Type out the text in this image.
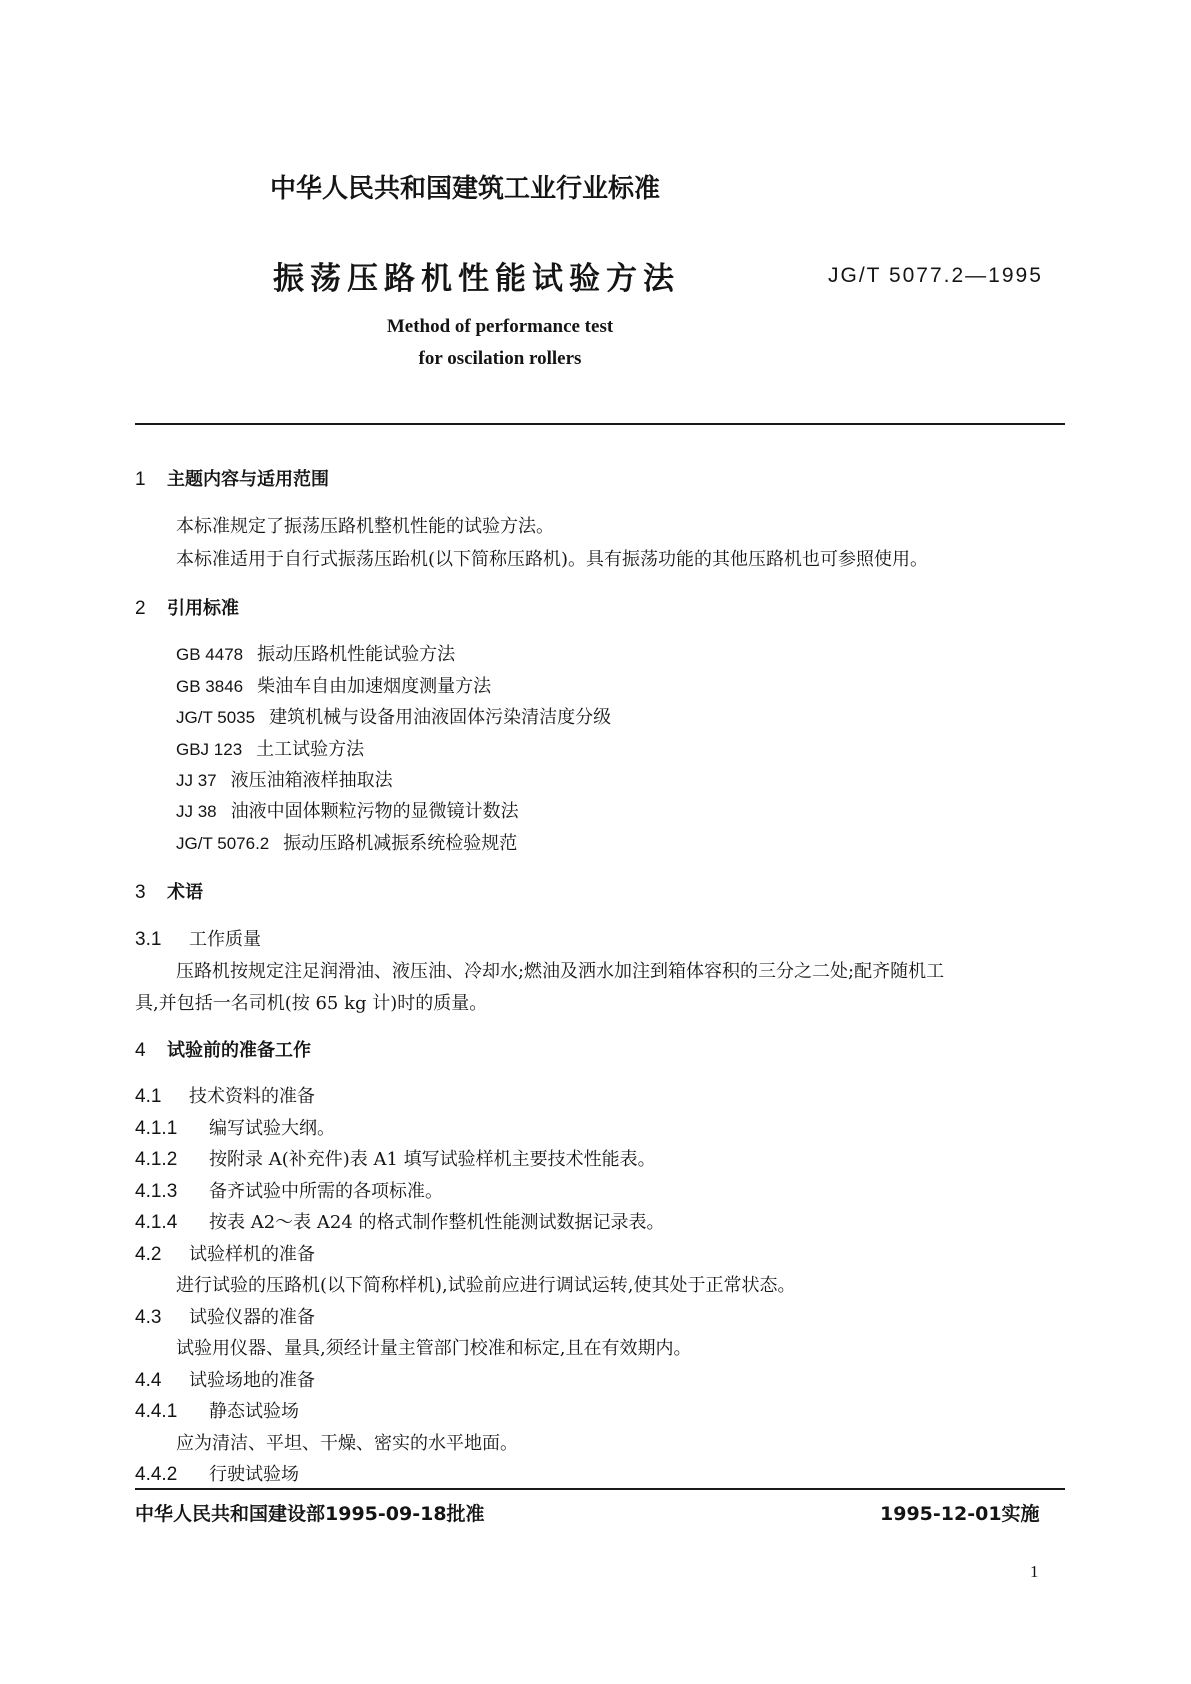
中华人民共和国建筑工业行业标准
振荡压路机性能试验方法	JG/T 5077.2—1995
Method of performance test
for oscilation rollers
1 主题内容与适用范围
本标准规定了振荡压路机整机性能的试验方法。
本标准适用于自行式振荡压跆机(以下简称压路机)。具有振荡功能的其他压路机也可参照使用。
2 引用标准
GB 4478 振动压路机性能试验方法
GB 3846 柴油车自由加速烟度测量方法
JG/T 5035 建筑机械与设备用油液固体污染清洁度分级
GBJ 123 土工试验方法
JJ 37 液压油箱液样抽取法
JJ 38 油液中固体颗粒污物的显微镜计数法
JG/T 5076.2 振动压路机减振系统检验规范
3 术语
3.1 工作质量
压路机按规定注足润滑油、液压油、冷却水;燃油及洒水加注到箱体容积的三分之二处;配齐随机工
具,并包括一名司机(按 65 kg 计)时的质量。
4 试验前的准备工作
4.1 技术资料的准备
4.1.1 编写试验大纲。
4.1.2 按附录 A(补充件)表 A1 填写试验样机主要技术性能表。
4.1.3 备齐试验中所需的各项标准。
4.1.4 按表 A2～表 A24 的格式制作整机性能测试数据记录表。
4.2 试验样机的准备
进行试验的压路机(以下简称样机),试验前应进行调试运转,使其处于正常状态。
4.3 试验仪器的准备
试验用仪器、量具,须经计量主管部门校准和标定,且在有效期内。
4.4 试验场地的准备
4.4.1 静态试验场
应为清洁、平坦、干燥、密实的水平地面。
4.4.2 行驶试验场
中华人民共和国建设部1995-09-18批准	1995-12-01实施
1
